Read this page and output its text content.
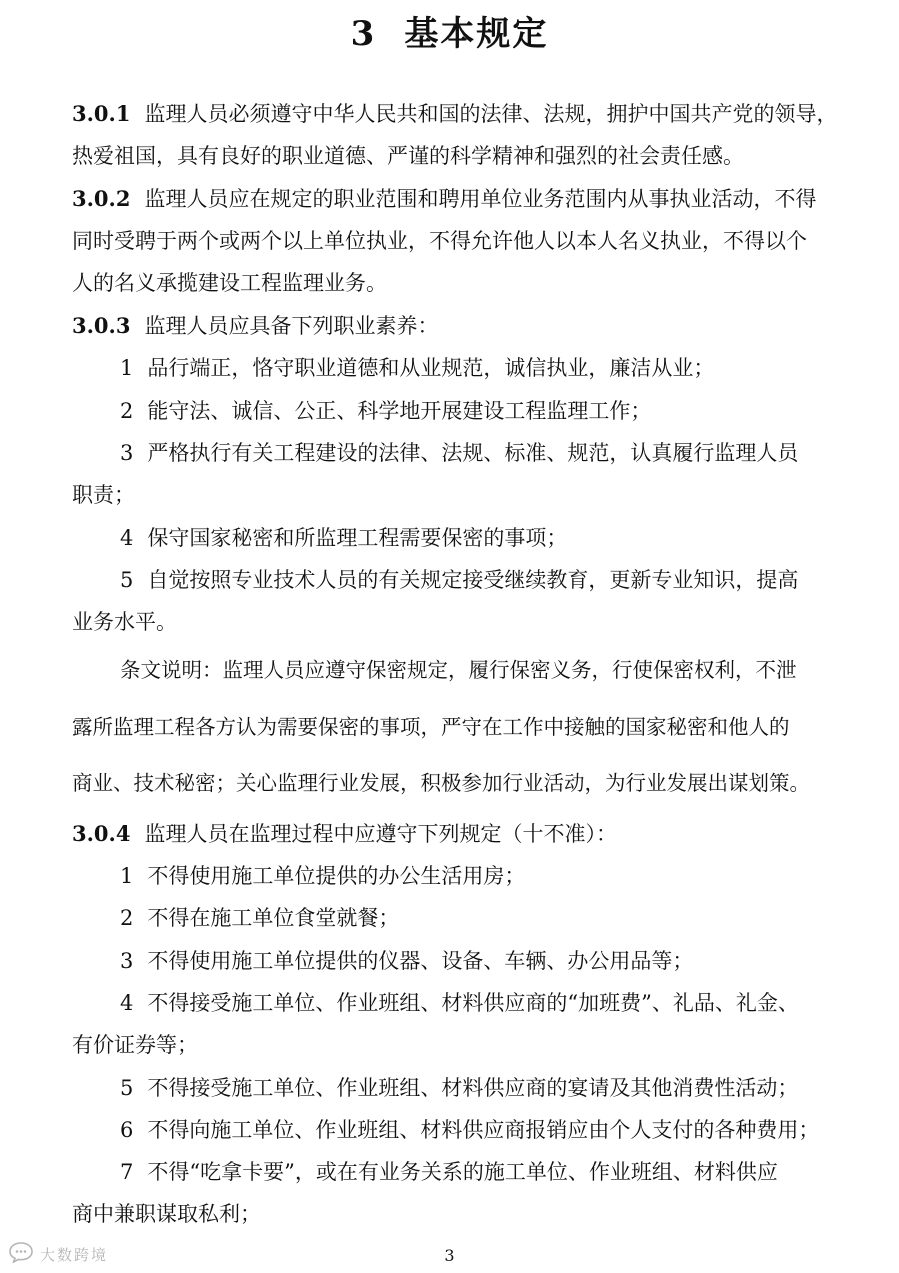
3 基本规定
3.0.1 监理人员必须遵守中华人民共和国的法律、法规，拥护中国共产党的领导，
热爱祖国，具有良好的职业道德、严谨的科学精神和强烈的社会责任感。
3.0.2 监理人员应在规定的职业范围和聘用单位业务范围内从事执业活动，不得
同时受聘于两个或两个以上单位执业，不得允许他人以本人名义执业，不得以个
人的名义承揽建设工程监理业务。
3.0.3 监理人员应具备下列职业素养：
1 品行端正，恪守职业道德和从业规范，诚信执业，廉洁从业；
2 能守法、诚信、公正、科学地开展建设工程监理工作；
3 严格执行有关工程建设的法律、法规、标准、规范，认真履行监理人员
职责；
4 保守国家秘密和所监理工程需要保密的事项；
5 自觉按照专业技术人员的有关规定接受继续教育，更新专业知识，提高
业务水平。
条文说明：监理人员应遵守保密规定，履行保密义务，行使保密权利，不泄
露所监理工程各方认为需要保密的事项，严守在工作中接触的国家秘密和他人的
商业、技术秘密；关心监理行业发展，积极参加行业活动，为行业发展出谋划策。
3.0.4 监理人员在监理过程中应遵守下列规定（十不准）：
1 不得使用施工单位提供的办公生活用房；
2 不得在施工单位食堂就餐；
3 不得使用施工单位提供的仪器、设备、车辆、办公用品等；
4 不得接受施工单位、作业班组、材料供应商的“加班费”、礼品、礼金、
有价证券等；
5 不得接受施工单位、作业班组、材料供应商的宴请及其他消费性活动；
6 不得向施工单位、作业班组、材料供应商报销应由个人支付的各种费用；
7 不得“吃拿卡要”，或在有业务关系的施工单位、作业班组、材料供应
商中兼职谋取私利；
3
大数跨境
